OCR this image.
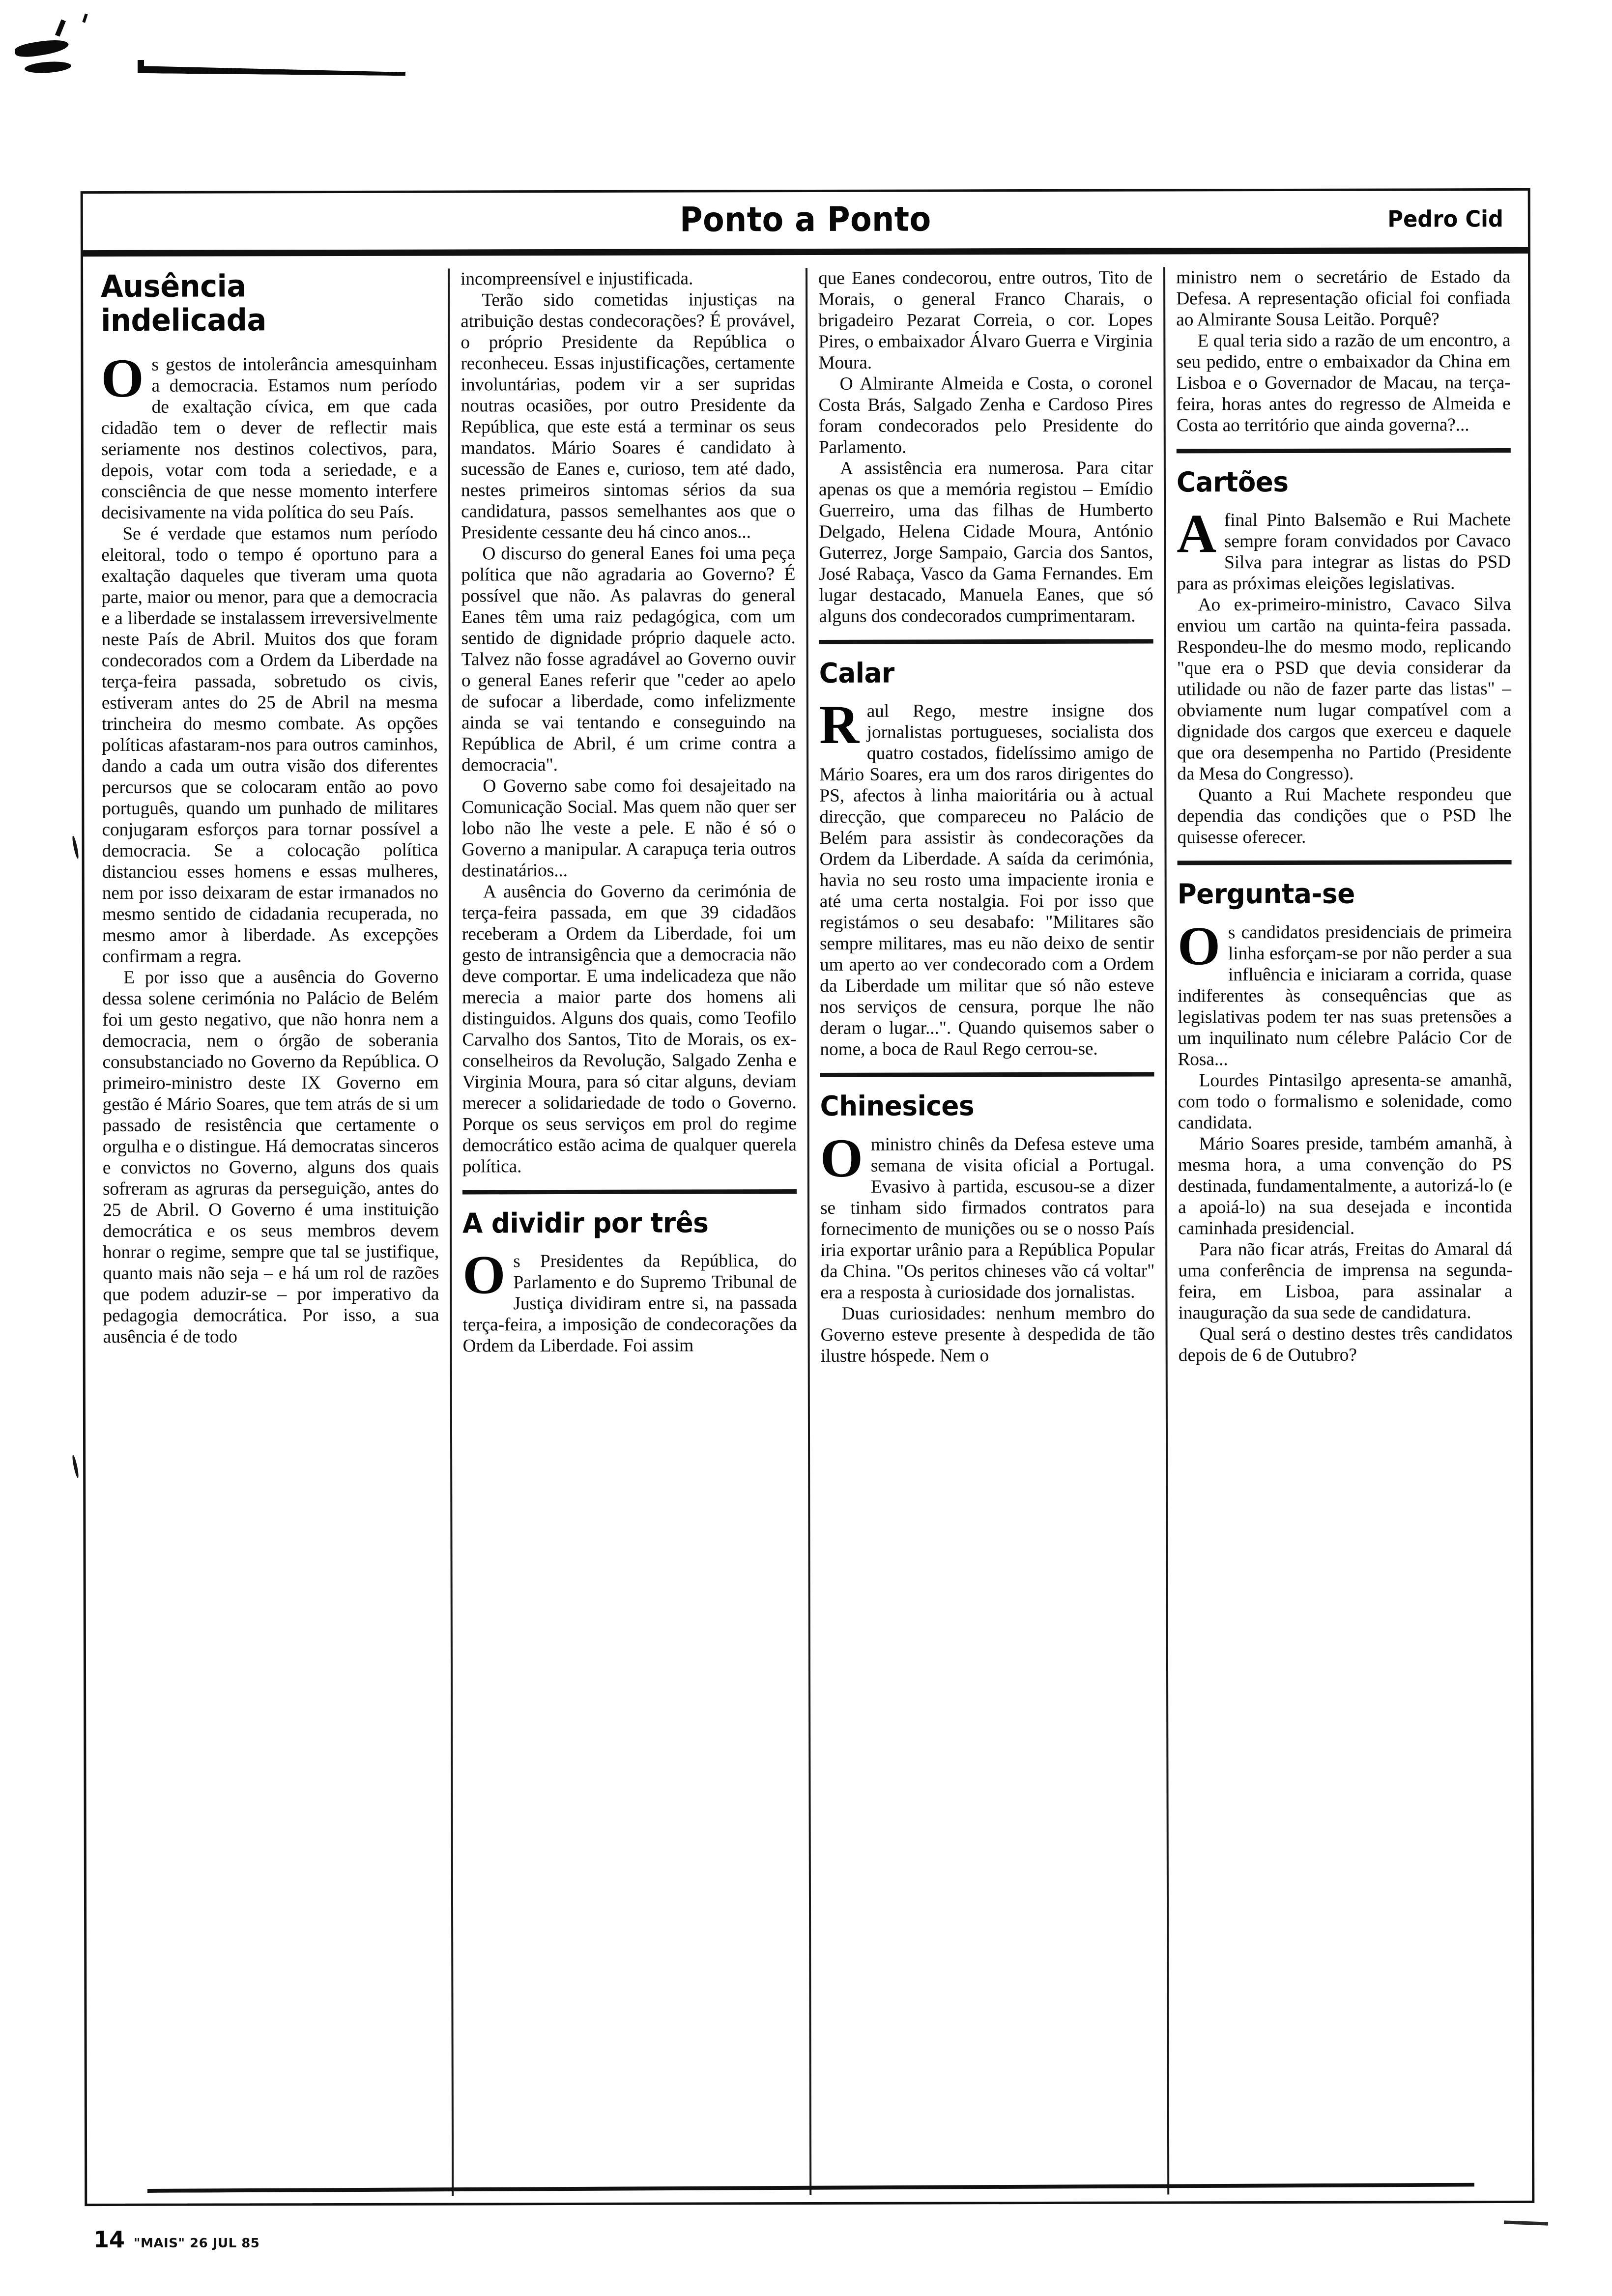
Ponto a Ponto	Pedro Cid
Ausência indelicada

Os gestos de intolerância amesquinham a democracia. Estamos num período de exaltação cívica, em que cada cidadão tem o dever de reflectir mais seriamente nos destinos colectivos, para, depois, votar com toda a seriedade, e a consciência de que nesse momento interfere decisivamente na vida política do seu País.

Se é verdade que estamos num período eleitoral, todo o tempo é oportuno para a exaltação daqueles que tiveram uma quota parte, maior ou menor, para que a democracia e a liberdade se instalassem irreversivelmente neste País de Abril. Muitos dos que foram condecorados com a Ordem da Liberdade na terça-feira passada, sobretudo os civis, estiveram antes do 25 de Abril na mesma trincheira do mesmo combate. As opções políticas afastaram-nos para outros caminhos, dando a cada um outra visão dos diferentes percursos que se colocaram então ao povo português, quando um punhado de militares conjugaram esforços para tornar possível a democracia. Se a colocação política distanciou esses homens e essas mulheres, nem por isso deixaram de estar irmanados no mesmo sentido de cidadania recuperada, no mesmo amor à liberdade. As excepções confirmam a regra.

E por isso que a ausência do Governo dessa solene cerimónia no Palácio de Belém foi um gesto negativo, que não honra nem a democracia, nem o órgão de soberania consubstanciado no Governo da República. O primeiro-ministro deste IX Governo em gestão é Mário Soares, que tem atrás de si um passado de resistência que certamente o orgulha e o distingue. Há democratas sinceros e convictos no Governo, alguns dos quais sofreram as agruras da perseguição, antes do 25 de Abril. O Governo é uma instituição democrática e os seus membros devem honrar o regime, sempre que tal se justifique, quanto mais não seja – e há um rol de razões que podem aduzir-se – por imperativo da pedagogia democrática. Por isso, a sua ausência é de todo

incompreensível e injustificada.

Terão sido cometidas injustiças na atribuição destas condecorações? É provável, o próprio Presidente da República o reconheceu. Essas injustificações, certamente involuntárias, podem vir a ser supridas noutras ocasiões, por outro Presidente da República, que este está a terminar os seus mandatos. Mário Soares é candidato à sucessão de Eanes e, curioso, tem até dado, nestes primeiros sintomas sérios da sua candidatura, passos semelhantes aos que o Presidente cessante deu há cinco anos...

O discurso do general Eanes foi uma peça política que não agradaria ao Governo? É possível que não. As palavras do general Eanes têm uma raiz pedagógica, com um sentido de dignidade próprio daquele acto. Talvez não fosse agradável ao Governo ouvir o general Eanes referir que "ceder ao apelo de sufocar a liberdade, como infelizmente ainda se vai tentando e conseguindo na República de Abril, é um crime contra a democracia".

O Governo sabe como foi desajeitado na Comunicação Social. Mas quem não quer ser lobo não lhe veste a pele. E não é só o Governo a manipular. A carapuça teria outros destinatários...

A ausência do Governo da cerimónia de terça-feira passada, em que 39 cidadãos receberam a Ordem da Liberdade, foi um gesto de intransigência que a democracia não deve comportar. E uma indelicadeza que não merecia a maior parte dos homens ali distinguidos. Alguns dos quais, como Teofilo Carvalho dos Santos, Tito de Morais, os ex-conselheiros da Revolução, Salgado Zenha e Virginia Moura, para só citar alguns, deviam merecer a solidariedade de todo o Governo. Porque os seus serviços em prol do regime democrático estão acima de qualquer querela política.

A dividir por três

Os Presidentes da República, do Parlamento e do Supremo Tribunal de Justiça dividiram entre si, na passada terça-feira, a imposição de condecorações da Ordem da Liberdade. Foi assim

que Eanes condecorou, entre outros, Tito de Morais, o general Franco Charais, o brigadeiro Pezarat Correia, o cor. Lopes Pires, o embaixador Álvaro Guerra e Virginia Moura.

O Almirante Almeida e Costa, o coronel Costa Brás, Salgado Zenha e Cardoso Pires foram condecorados pelo Presidente do Parlamento.

A assistência era numerosa. Para citar apenas os que a memória registou – Emídio Guerreiro, uma das filhas de Humberto Delgado, Helena Cidade Moura, António Guterrez, Jorge Sampaio, Garcia dos Santos, José Rabaça, Vasco da Gama Fernandes. Em lugar destacado, Manuela Eanes, que só alguns dos condecorados cumprimentaram.

Calar

Raul Rego, mestre insigne dos jornalistas portugueses, socialista dos quatro costados, fidelíssimo amigo de Mário Soares, era um dos raros dirigentes do PS, afectos à linha maioritária ou à actual direcção, que compareceu no Palácio de Belém para assistir às condecorações da Ordem da Liberdade. A saída da cerimónia, havia no seu rosto uma impaciente ironia e até uma certa nostalgia. Foi por isso que registámos o seu desabafo: "Militares são sempre militares, mas eu não deixo de sentir um aperto ao ver condecorado com a Ordem da Liberdade um militar que só não esteve nos serviços de censura, porque lhe não deram o lugar...". Quando quisemos saber o nome, a boca de Raul Rego cerrou-se.

Chinesices

Oministro chinês da Defesa esteve uma semana de visita oficial a Portugal. Evasivo à partida, escusou-se a dizer se tinham sido firmados contratos para fornecimento de munições ou se o nosso País iria exportar urânio para a República Popular da China. "Os peritos chineses vão cá voltar" era a resposta à curiosidade dos jornalistas.

Duas curiosidades: nenhum membro do Governo esteve presente à despedida de tão ilustre hóspede. Nem o

ministro nem o secretário de Estado da Defesa. A representação oficial foi confiada ao Almirante Sousa Leitão. Porquê?

E qual teria sido a razão de um encontro, a seu pedido, entre o embaixador da China em Lisboa e o Governador de Macau, na terça-feira, horas antes do regresso de Almeida e Costa ao território que ainda governa?...

Cartões

Afinal Pinto Balsemão e Rui Machete sempre foram convidados por Cavaco Silva para integrar as listas do PSD para as próximas eleições legislativas.

Ao ex-primeiro-ministro, Cavaco Silva enviou um cartão na quinta-feira passada. Respondeu-lhe do mesmo modo, replicando "que era o PSD que devia considerar da utilidade ou não de fazer parte das listas" – obviamente num lugar compatível com a dignidade dos cargos que exerceu e daquele que ora desempenha no Partido (Presidente da Mesa do Congresso).

Quanto a Rui Machete respondeu que dependia das condições que o PSD lhe quisesse oferecer.

Pergunta-se

Os candidatos presidenciais de primeira linha esforçam-se por não perder a sua influência e iniciaram a corrida, quase indiferentes às consequências que as legislativas podem ter nas suas pretensões a um inquilinato num célebre Palácio Cor de Rosa...

Lourdes Pintasilgo apresenta-se amanhã, com todo o formalismo e solenidade, como candidata.

Mário Soares preside, também amanhã, à mesma hora, a uma convenção do PS destinada, fundamentalmente, a autorizá-lo (e a apoiá-lo) na sua desejada e incontida caminhada presidencial.

Para não ficar atrás, Freitas do Amaral dá uma conferência de imprensa na segunda-feira, em Lisboa, para assinalar a inauguração da sua sede de candidatura.

Qual será o destino destes três candidatos depois de 6 de Outubro?

14 "MAIS" 26 JUL 85
